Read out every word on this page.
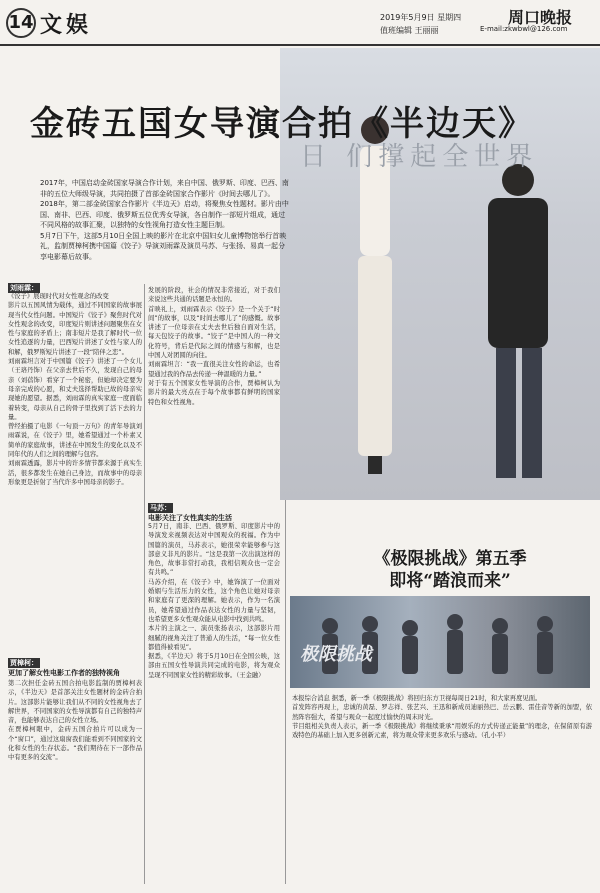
14 文娱	2019年5月9日 星期四
值班编辑 王丽丽
周口晚报
E-mail:zkwbwl@126.com
日 们撑起全世界
金砖五国女导演合拍《半边天》
2017年，中国启动金砖国家导演合作计划，来自中国、俄罗斯、印度、巴西、南非的五位大师级导演，共同拍摄了首部金砖国家合作影片《时间去哪儿了》。2018年，第二部金砖国家合作影片《半边天》启动，将聚焦女性题材。影片由中国、南非、巴西、印度、俄罗斯五位优秀女导演，各自制作一部短片组成，通过不同风格的故事汇聚，以独特的女性视角打造女性主题巨制。
5月7日下午，这部5月10日全国上映的影片在北京中国妇女儿童博物馆举行首映礼，监制贾樟柯携中国篇《饺子》导演刘雨霖及演员马苏、与张扬、易真一起分享电影幕后故事。
刘雨霖：
《饺子》展现时代对女性观念的改变
影片以五国风情为载体，通过不同国家的故事展现当代女性问题。中国短片《饺子》聚焦时代对女性观念的改变，印度短片则讲述问题聚焦在女性与家庭的矛盾上；南非短片是我了解时代一位女性追逐的力量，巴西短片讲述了女性与家人的和解，俄罗斯短片讲述了一段“陪伴之恋”。
刘雨霖坦言对于中国篇《饺子》讲述了一个女儿（王珞丹饰）在父亲去世后不久，发现自己的母亲（刘蓓饰）看穿了一个秘密，但她却决定要为母亲完成的心愿，和丈夫选择帮助已故的母亲实现她的愿望。据悉，刘雨霖的真实家庭一度面临着转变，母亲从自己的骨子里找到了活下去的力量。
曾经拍摄了电影《一句顶一万句》的青年导演刘雨霖说，在《饺子》里，她希望通过一个朴素又简单的家庭故事，讲述在中国发生的变化以及不同年代的人们之间的理解与包容。
刘雨霖透露，影片中的许多情节都来源于真实生活，很多都发生在她自己身边，而故事中的母亲形象更是折射了当代许多中国母亲的影子。
贾樟柯：
更加了解女性电影工作者的独特视角
第二次担任金砖五国合拍电影监制的贾樟柯表示，《半边天》是首部关注女性题材的金砖合拍片。这部影片能够让我们从不同的女性视角去了解世界，不同国家的女性导演都有自己的独特声音，也能够表达自己的女性立场。
在贾樟柯眼中，金砖五国合拍片可以成为一个“窗口”，通过这扇窗我们能看到不同国家的文化和女性的生存状态。“我们期待在下一部作品中有更多的交流”。
发展的阶段，社会的情况非常接近，对于我们来说这些共通的话题是永恒的。
首映礼上，刘雨霖表示《饺子》是一个关于“时间”的故事，以及“时间去哪儿了”的感慨。故事讲述了一位母亲在丈夫去世后独自面对生活，每天包饺子的故事。“饺子”是中国人的一种文化符号，背后是代际之间的情感与和解，也是中国人对团圆的向往。
刘雨霖坦言：“我一直很关注女性的命运，也希望通过我的作品去传递一种温暖的力量。”
对于有五个国家女性导演的合作，贾樟柯认为影片的最大亮点在于每个故事都有鲜明的国家特色和女性视角。
马苏：
电影关注了女性真实的生活
5月7日，南非、巴西、俄罗斯、印度影片中的导演发来视频表达对中国观众的祝福。作为中国篇的演员，马苏表示，她很荣幸能够参与这部意义非凡的影片。“这是我第一次出演这样的角色，故事非常打动我，我相信观众也一定会有共鸣。”
马苏介绍，在《饺子》中，她饰演了一位面对婚姻与生活压力的女性，这个角色让她对母亲和家庭有了更深的理解。她表示，作为一名演员，她希望通过作品表达女性的力量与坚韧，也希望更多女性观众能从电影中找到共鸣。
本片的主演之一、演员张扬表示，这部影片用细腻的视角关注了普通人的生活，“每一位女性都值得被看见”。
据悉，《半边天》将于5月10日在全国公映，这部由五国女性导演共同完成的电影，将为观众呈现不同国家女性的精彩故事。（王金融）
《极限挑战》第五季
即将“踏浪而来”
极限挑战
本报综合消息 据悉，新一季《极限挑战》将回归东方卫视每周日21时，和大家再度见面。
首发阵容再现上，忠诚的黄磊、罗志祥、张艺兴、王迅和新成员迪丽热巴、岳云鹏、雷佳音等新的加盟，依然阵容强大，希望与观众一起度过愉快的周末时光。
节目组相关负责人表示，新一季《极限挑战》将继续秉承“用娱乐的方式传递正能量”的理念，在保留原有游戏特色的基础上加入更多创新元素，将为观众带来更多欢乐与感动。（孔小平）
